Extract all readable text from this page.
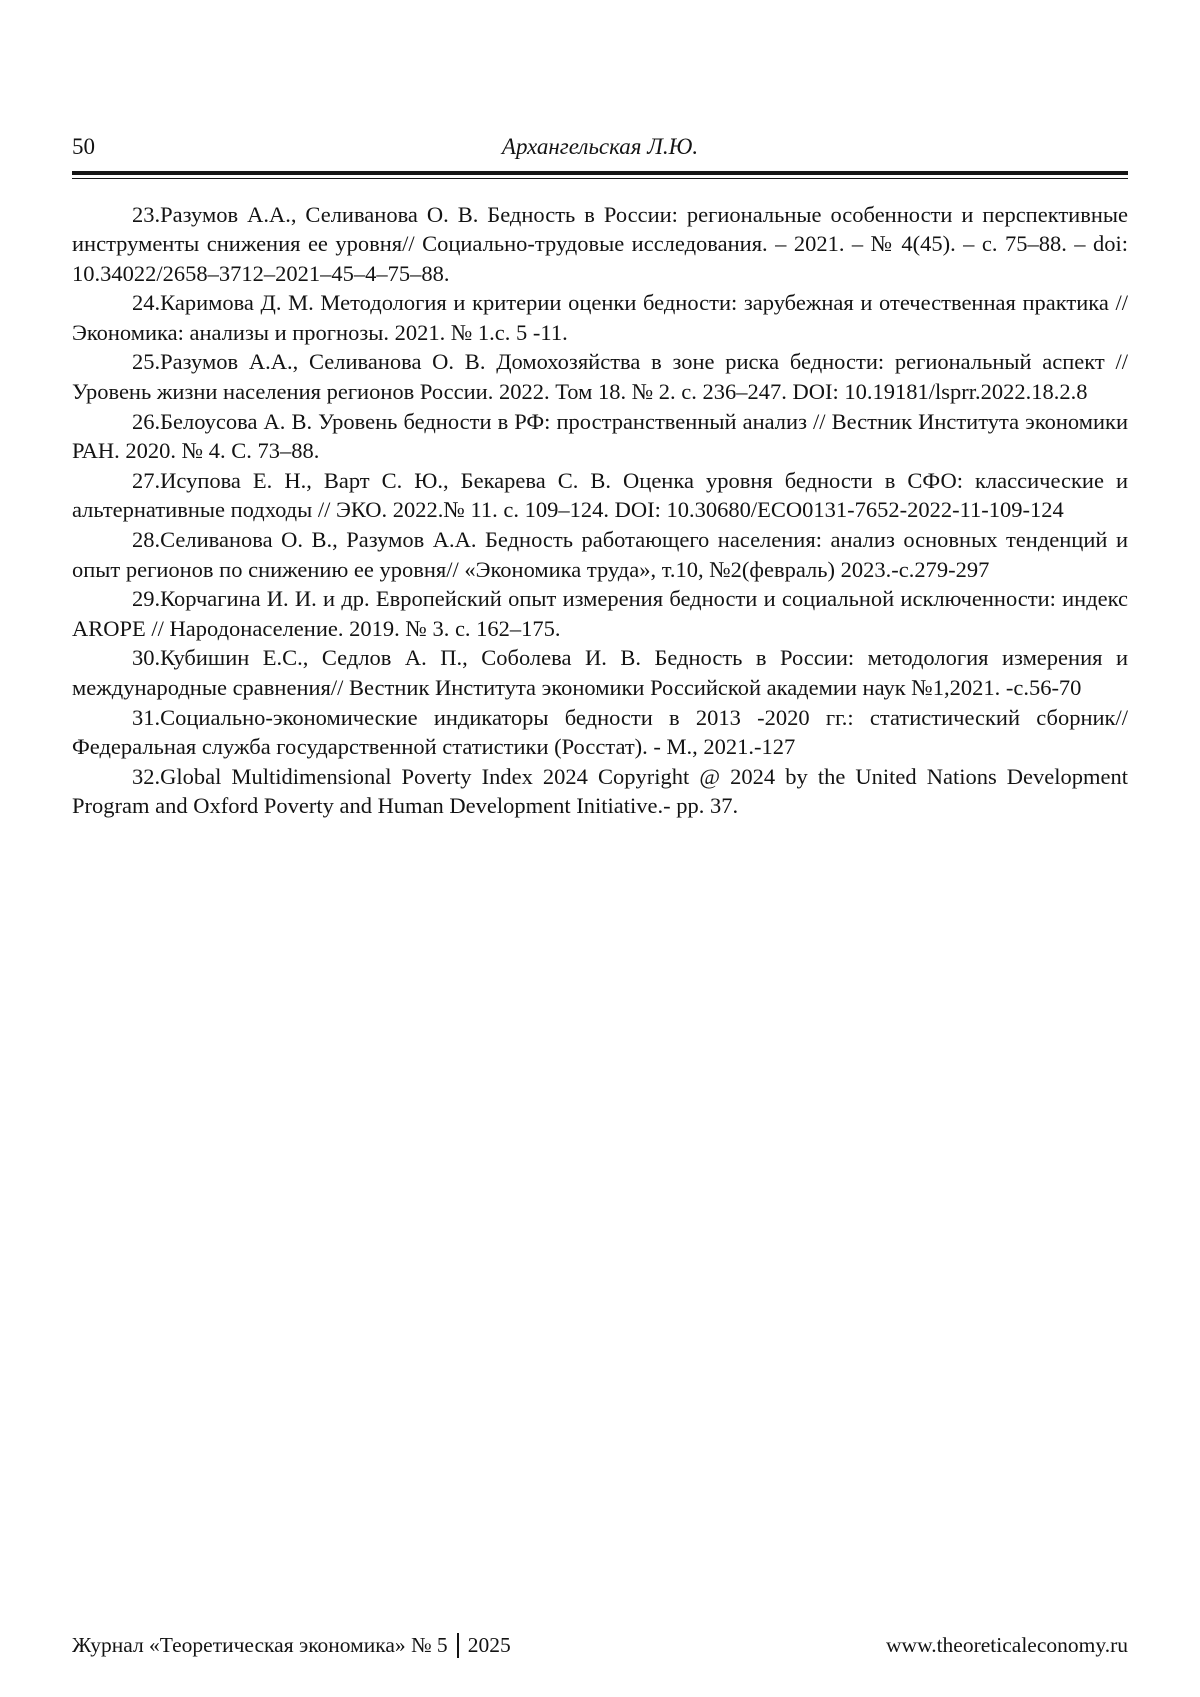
50	Архангельская Л.Ю.

23.Разумов А.А., Селиванова О. В. Бедность в России: региональные особенности и перспективные инструменты снижения ее уровня// Социально-трудовые исследования. – 2021. – № 4(45). – с. 75–88. – doi: 10.34022/2658–3712–2021–45–4–75–88.

24.Каримова Д. М. Методология и критерии оценки бедности: зарубежная и отечественная практика // Экономика: анализы и прогнозы. 2021. № 1.с. 5 -11.

25.Разумов А.А., Селиванова О. В. Домохозяйства в зоне риска бедности: региональный аспект // Уровень жизни населения регионов России. 2022. Том 18. № 2. с. 236–247. DOI: 10.19181/lsprr.2022.18.2.8

26.Белоусова А. В. Уровень бедности в РФ: пространственный анализ // Вестник Института экономики РАН. 2020. № 4. С. 73–88.

27.Исупова Е. Н., Варт С. Ю., Бекарева С. В. Оценка уровня бедности в СФО: классические и альтернативные подходы // ЭКО. 2022.№ 11. с. 109–124. DOI: 10.30680/ECO0131-7652-2022-11-109-124

28.Селиванова О. В., Разумов А.А. Бедность работающего населения: анализ основных тенденций и опыт регионов по снижению ее уровня// «Экономика труда», т.10, №2(февраль) 2023.-с.279-297

29.Корчагина И. И. и др. Европейский опыт измерения бедности и социальной исключенности: индекс AROPE // Народонаселение. 2019. № 3. с. 162–175.

30.Кубишин Е.С., Седлов А. П., Соболева И. В. Бедность в России: методология измерения и международные сравнения// Вестник Института экономики Российской академии наук №1,2021. -с.56-70

31.Социально-экономические индикаторы бедности в 2013 -2020 гг.: статистический сборник// Федеральная служба государственной статистики (Росстат). - М., 2021.-127

32.Global Multidimensional Poverty Index 2024 Copyright @ 2024 by the United Nations Development Program and Oxford Poverty and Human Development Initiative.- pp. 37.

Журнал «Теоретическая экономика» № 5 2025	www.theoreticaleconomy.ru
